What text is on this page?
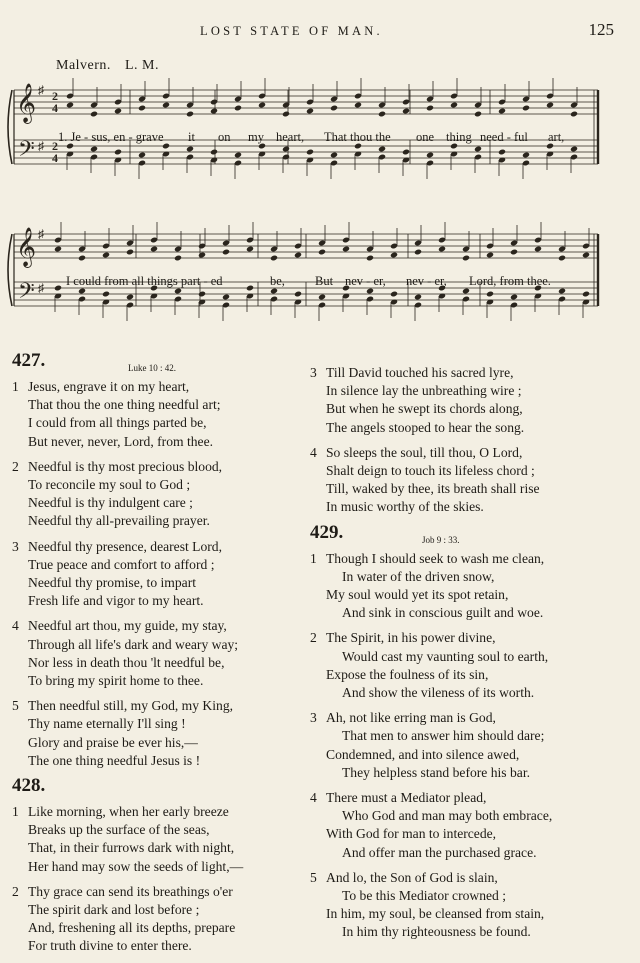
LOST STATE OF MAN.	125
Malvern. L. M.
𝄞
𝄢
♯
♯
2
2
4
4
𝄞
𝄢
♯
♯
1. Je - sus, en - grave it on my heart, That thou the one thing need - ful art,
I could from all things part - ed	be, But nev - er, nev - er, Lord, from thee.
427.	Luke 10 : 42.
1 Jesus, engrave it on my heart,
That thou the one thing needful art;
I could from all things parted be,
But never, never, Lord, from thee.
2 Needful is thy most precious blood,
To reconcile my soul to God ;
Needful is thy indulgent care ;
Needful thy all-prevailing prayer.
3 Needful thy presence, dearest Lord,
True peace and comfort to afford ;
Needful thy promise, to impart
Fresh life and vigor to my heart.
4 Needful art thou, my guide, my stay,
Through all life's dark and weary way;
Nor less in death thou 'lt needful be,
To bring my spirit home to thee.
5 Then needful still, my God, my King,
Thy name eternally I'll sing !
Glory and praise be ever his,—
The one thing needful Jesus is !
428.
1 Like morning, when her early breeze
Breaks up the surface of the seas,
That, in their furrows dark with night,
Her hand may sow the seeds of light,—
2 Thy grace can send its breathings o'er
The spirit dark and lost before ;
And, freshening all its depths, prepare
For truth divine to enter there.
3 Till David touched his sacred lyre,
In silence lay the unbreathing wire ;
But when he swept its chords along,
The angels stooped to hear the song.
4 So sleeps the soul, till thou, O Lord,
Shalt deign to touch its lifeless chord ;
Till, waked by thee, its breath shall rise
In music worthy of the skies.
429.	Job 9 : 33.
1 Though I should seek to wash me clean,
In water of the driven snow,
My soul would yet its spot retain,
And sink in conscious guilt and woe.
2 The Spirit, in his power divine,
Would cast my vaunting soul to earth,
Expose the foulness of its sin,
And show the vileness of its worth.
3 Ah, not like erring man is God,
That men to answer him should dare;
Condemned, and into silence awed,
They helpless stand before his bar.
4 There must a Mediator plead,
Who God and man may both embrace,
With God for man to intercede,
And offer man the purchased grace.
5 And lo, the Son of God is slain,
To be this Mediator crowned ;
In him, my soul, be cleansed from stain,
In him thy righteousness be found.
